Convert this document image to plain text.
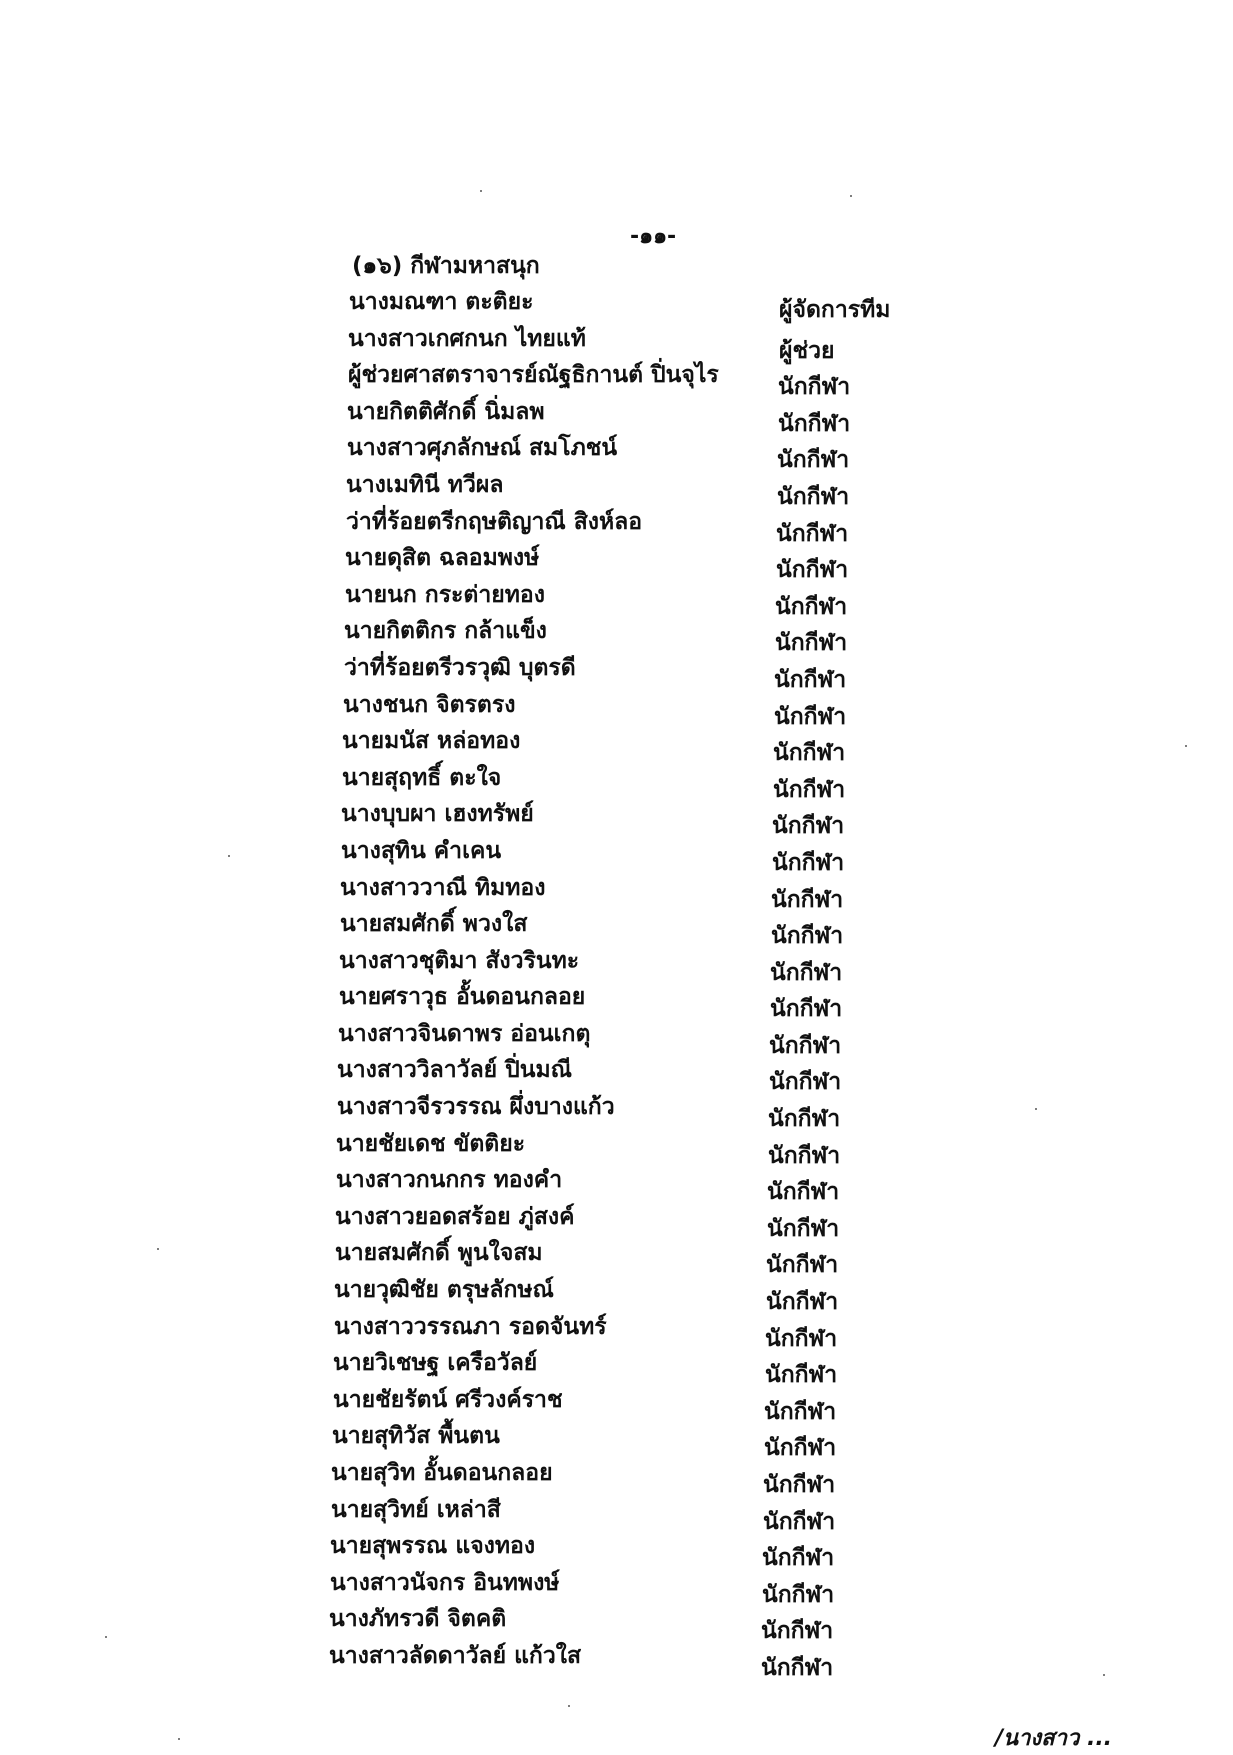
-๑๑-
(๑๖) กีฬามหาสนุก
นางมณฑา ตะติยะ	ผู้จัดการทีม
นางสาวเกศกนก ไทยแท้	ผู้ช่วย
ผู้ช่วยศาสตราจารย์ณัฐธิกานต์ ปิ่นจุไร	นักกีฬา
นายกิตติศักดิ์ นิ่มลพ	นักกีฬา
นางสาวศุภลักษณ์ สมโภชน์	นักกีฬา
นางเมทินี ทวีผล	นักกีฬา
ว่าที่ร้อยตรีกฤษติญาณี สิงห์ลอ	นักกีฬา
นายดุสิต ฉลอมพงษ์	นักกีฬา
นายนก กระต่ายทอง	นักกีฬา
นายกิตติกร กล้าแข็ง	นักกีฬา
ว่าที่ร้อยตรีวรวุฒิ บุตรดี	นักกีฬา
นางชนก จิตรตรง	นักกีฬา
นายมนัส หล่อทอง	นักกีฬา
นายสุฤทธิ์ ตะใจ	นักกีฬา
นางบุบผา เฮงทรัพย์	นักกีฬา
นางสุทิน คำเคน	นักกีฬา
นางสาววาณี ทิมทอง	นักกีฬา
นายสมศักดิ์ พวงใส	นักกีฬา
นางสาวชุติมา สังวรินทะ	นักกีฬา
นายศราวุธ อั้นดอนกลอย	นักกีฬา
นางสาวจินดาพร อ่อนเกตุ	นักกีฬา
นางสาววิลาวัลย์ ปิ่นมณี	นักกีฬา
นางสาวจีรวรรณ ผึ่งบางแก้ว	นักกีฬา
นายชัยเดช ขัตติยะ	นักกีฬา
นางสาวกนกกร ทองคำ	นักกีฬา
นางสาวยอดสร้อย ภู่สงค์	นักกีฬา
นายสมศักดิ์ พูนใจสม	นักกีฬา
นายวุฒิชัย ตรุษลักษณ์	นักกีฬา
นางสาววรรณภา รอดจันทร์	นักกีฬา
นายวิเชษฐ เครือวัลย์	นักกีฬา
นายชัยรัตน์ ศรีวงค์ราช	นักกีฬา
นายสุทิวัส พื้นตน	นักกีฬา
นายสุวิท อั้นดอนกลอย	นักกีฬา
นายสุวิทย์ เหล่าสี	นักกีฬา
นายสุพรรณ แจงทอง	นักกีฬา
นางสาวนัจกร อินทพงษ์	นักกีฬา
นางภัทรวดี จิตคติ	นักกีฬา
นางสาวลัดดาวัลย์ แก้วใส	นักกีฬา
/นางสาว ...
